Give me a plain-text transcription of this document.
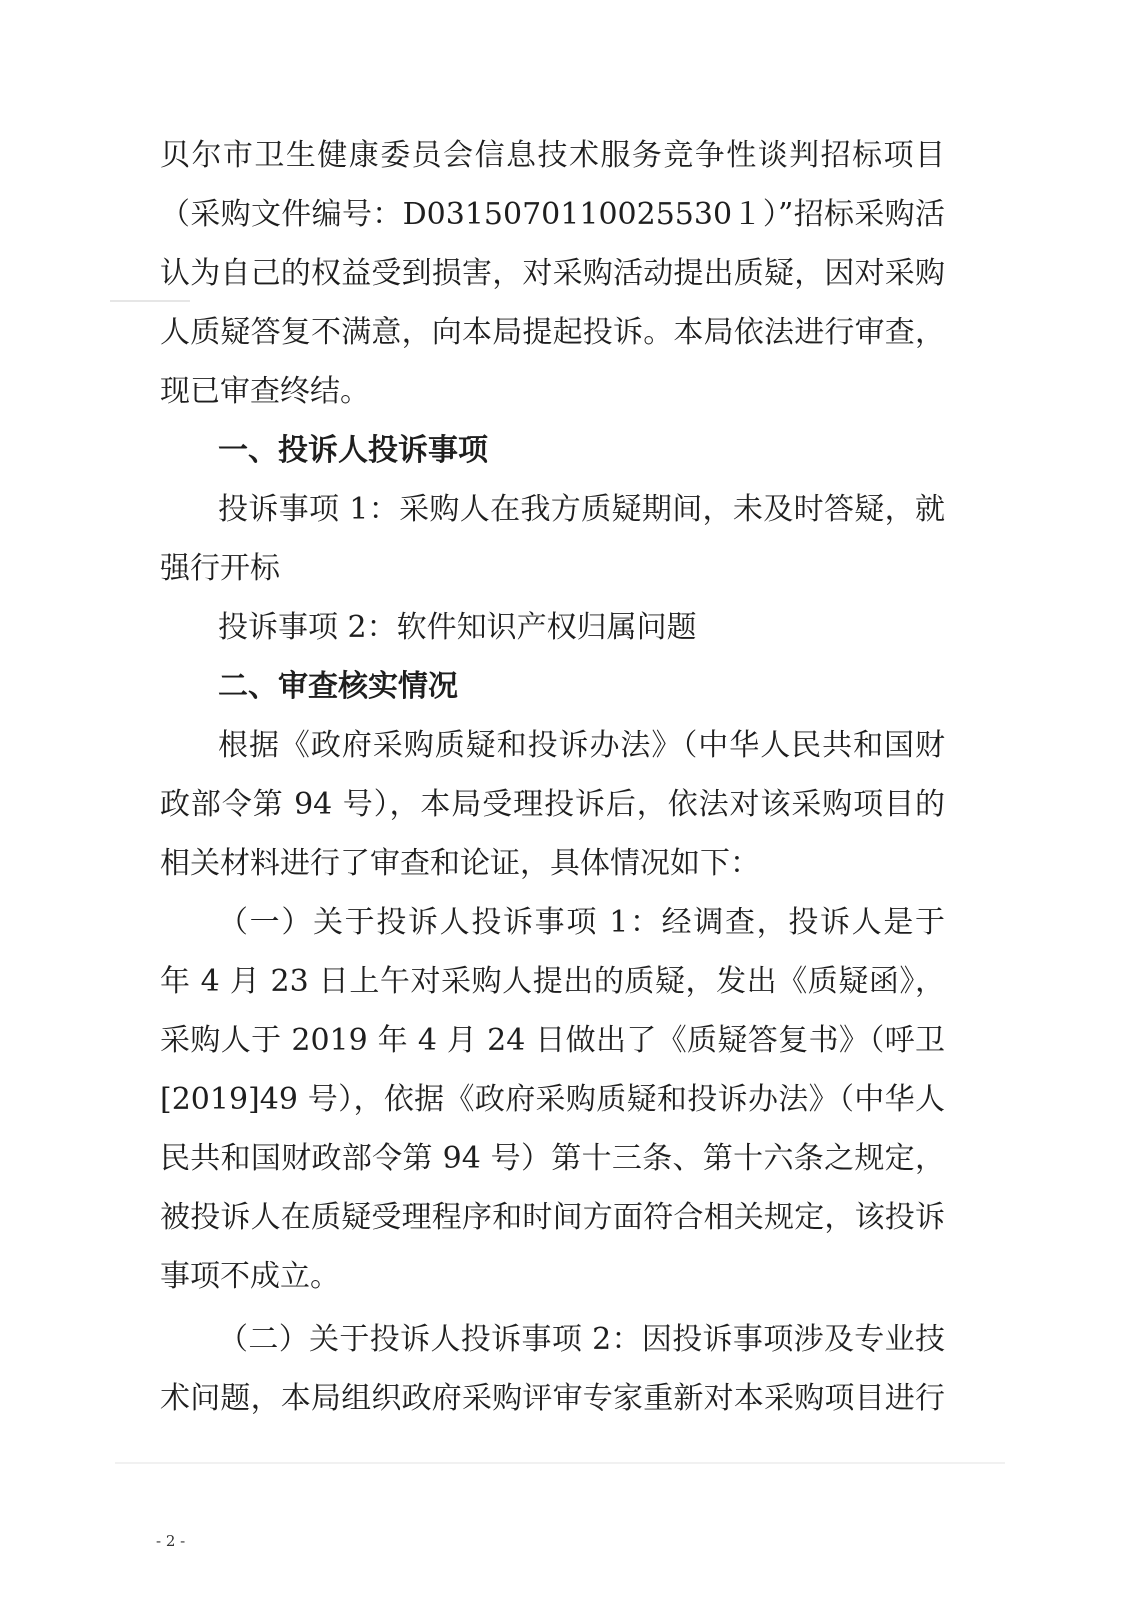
贝尔市卫生健康委员会信息技术服务竞争性谈判招标项目
（采购文件编号：D0315070110025530１）”招标采购活
认为自己的权益受到损害，对采购活动提出质疑，因对采购
人质疑答复不满意，向本局提起投诉。本局依法进行审查，
现已审查终结。
一、投诉人投诉事项
投诉事项 1：采购人在我方质疑期间，未及时答疑，就
强行开标
投诉事项 2：软件知识产权归属问题
二、审查核实情况
根据《政府采购质疑和投诉办法》（中华人民共和国财
政部令第 94 号），本局受理投诉后，依法对该采购项目的
相关材料进行了审查和论证，具体情况如下：
（一）关于投诉人投诉事项 1：经调查，投诉人是于
年 4 月 23 日上午对采购人提出的质疑，发出《质疑函》，
采购人于 2019 年 4 月 24 日做出了《质疑答复书》（呼卫
[2019]49 号），依据《政府采购质疑和投诉办法》（中华人
民共和国财政部令第 94 号）第十三条、第十六条之规定，
被投诉人在质疑受理程序和时间方面符合相关规定，该投诉
事项不成立。
（二）关于投诉人投诉事项 2：因投诉事项涉及专业技
术问题，本局组织政府采购评审专家重新对本采购项目进行
- 2 -
